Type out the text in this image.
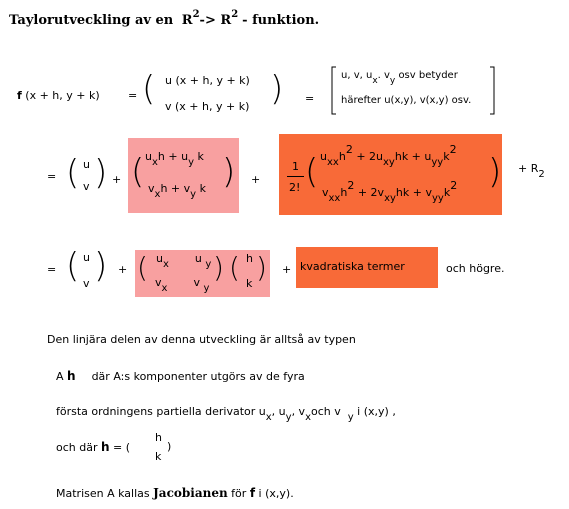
Taylorutveckling av en $R^2-> R^2$ - funktion.
f (x + h, y + k)	= ( u (x + h, y + k)
v (x + h, y + k) ) =
u, v, ux. vy osv betyder
härefter u(x,y), v(x,y) osv.
= ( u
v ) + ( uxh + uy k
vxh + vy k ) +
1
2! ( uxxh2 + 2uxyhk + uyyk2
vxxh2 + 2vxyhk + vyyk2 ) + R2
= ( u
v ) + ( ux u y
vx v y
) ( h
k ) + kvadratiska termer	och högre.
Den linjära delen av denna utveckling är alltså av typen
A h där A:s komponenter utgörs av de fyra
första ordningens partiella derivator ux, uy, vxoch v y i (x,y) ,
och där h = (
h
k
)
Matrisen A kallas Jacobianen för f i (x,y).
